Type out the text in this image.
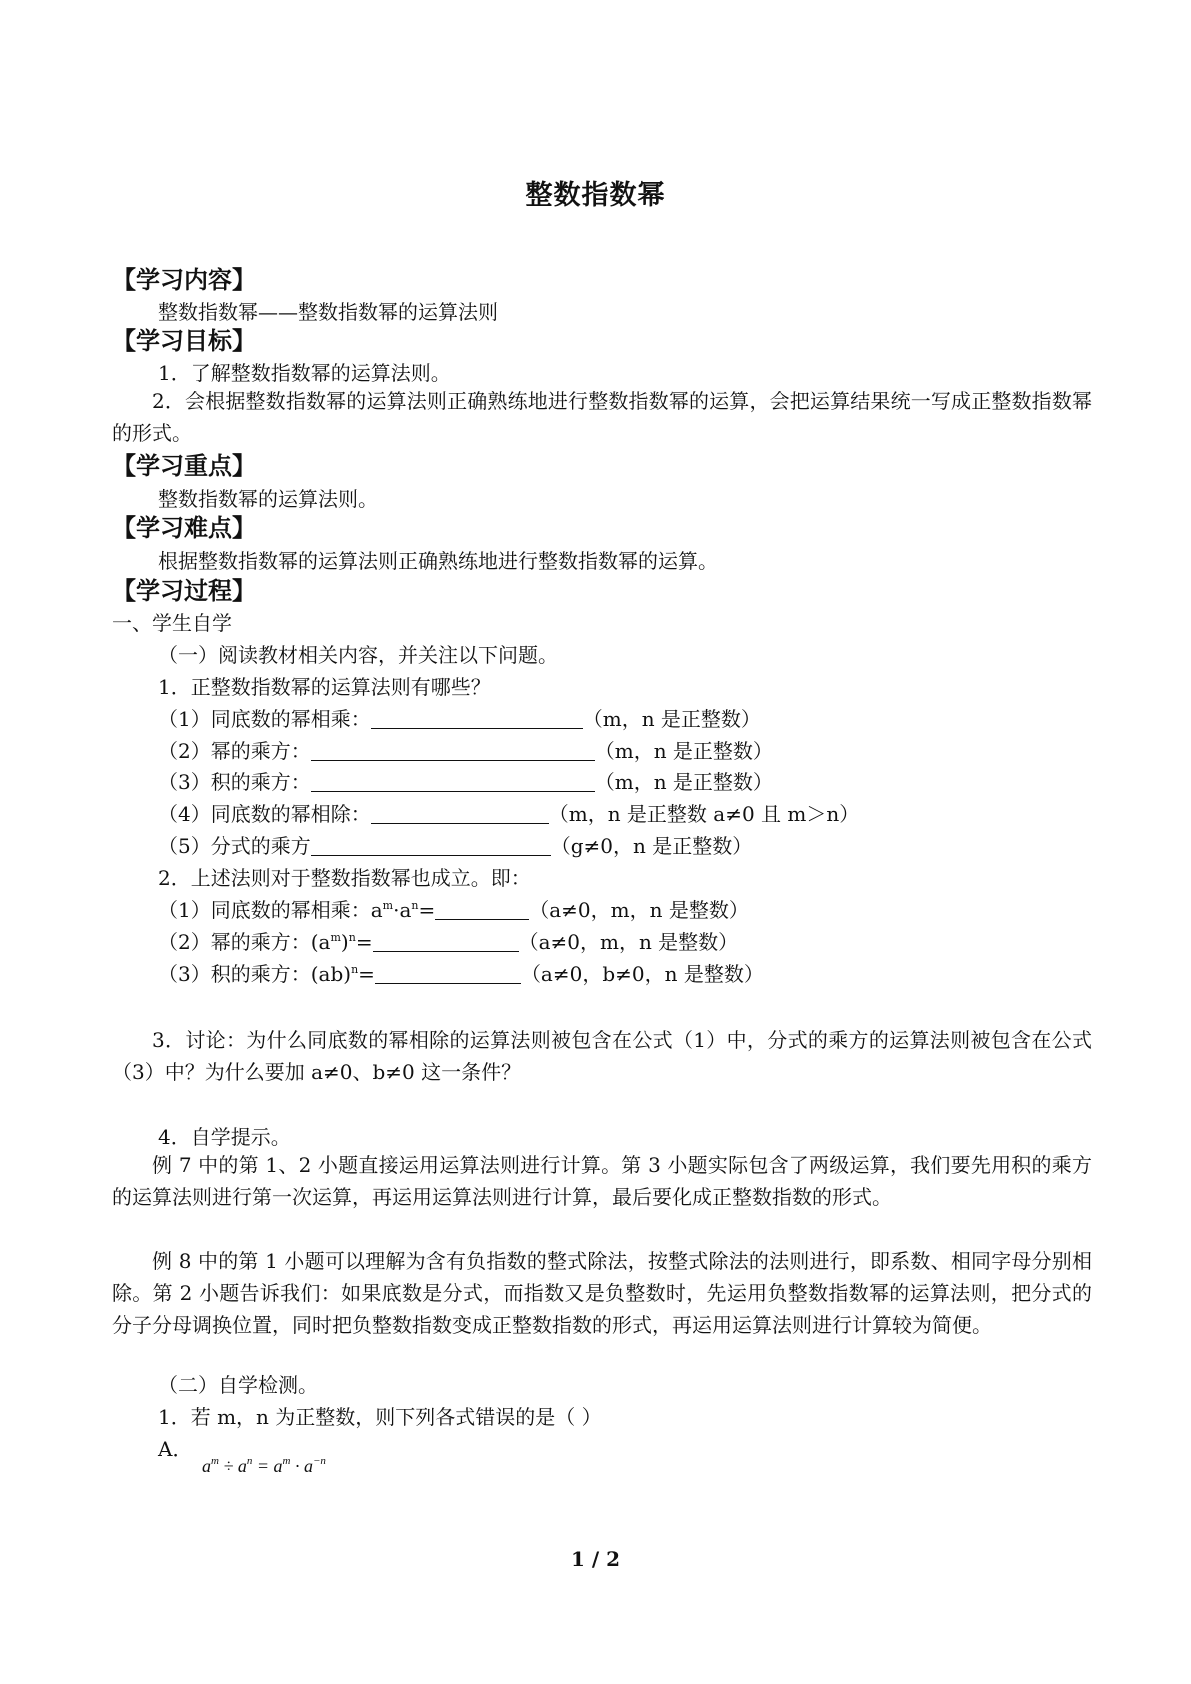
整数指数幂
【学习内容】
整数指数幂——整数指数幂的运算法则
【学习目标】
1．了解整数指数幂的运算法则。
2．会根据整数指数幂的运算法则正确熟练地进行整数指数幂的运算，会把运算结果统一写成正整数指数幂的形式。
【学习重点】
整数指数幂的运算法则。
【学习难点】
根据整数指数幂的运算法则正确熟练地进行整数指数幂的运算。
【学习过程】
一、学生自学
（一）阅读教材相关内容，并关注以下问题。
1．正整数指数幂的运算法则有哪些？
（1）同底数的幂相乘：	（m，n 是正整数）
（2）幂的乘方：	（m，n 是正整数）
（3）积的乘方：	（m，n 是正整数）
（4）同底数的幂相除：	（m，n 是正整数 a≠0 且 m＞n）
（5）分式的乘方	（g≠0，n 是正整数）
2．上述法则对于整数指数幂也成立。即：
（1）同底数的幂相乘：$a^m\cdot a^n=$	（a≠0，m，n 是整数）
（2）幂的乘方：$(a^m)^n=$	（a≠0，m，n 是整数）
（3）积的乘方：(ab)$^n$=	（a≠0，b≠0，n 是整数）
3．讨论：为什么同底数的幂相除的运算法则被包含在公式（1）中，分式的乘方的运算法则被包含在公式（3）中？为什么要加 a≠0、b≠0 这一条件？
4．自学提示。
例 7 中的第 1、2 小题直接运用运算法则进行计算。第 3 小题实际包含了两级运算，我们要先用积的乘方的运算法则进行第一次运算，再运用运算法则进行计算，最后要化成正整数指数的形式。
例 8 中的第 1 小题可以理解为含有负指数的整式除法，按整式除法的法则进行，即系数、相同字母分别相除。第 2 小题告诉我们：如果底数是分式，而指数又是负整数时，先运用负整数指数幂的运算法则，把分式的分子分母调换位置，同时把负整数指数变成正整数指数的形式，再运用运算法则进行计算较为简便。
（二）自学检测。
1．若 m，n 为正整数，则下列各式错误的是（ ）
A．
$a^m \div a^n = a^m \cdot a^{-n}$
1 / 2
